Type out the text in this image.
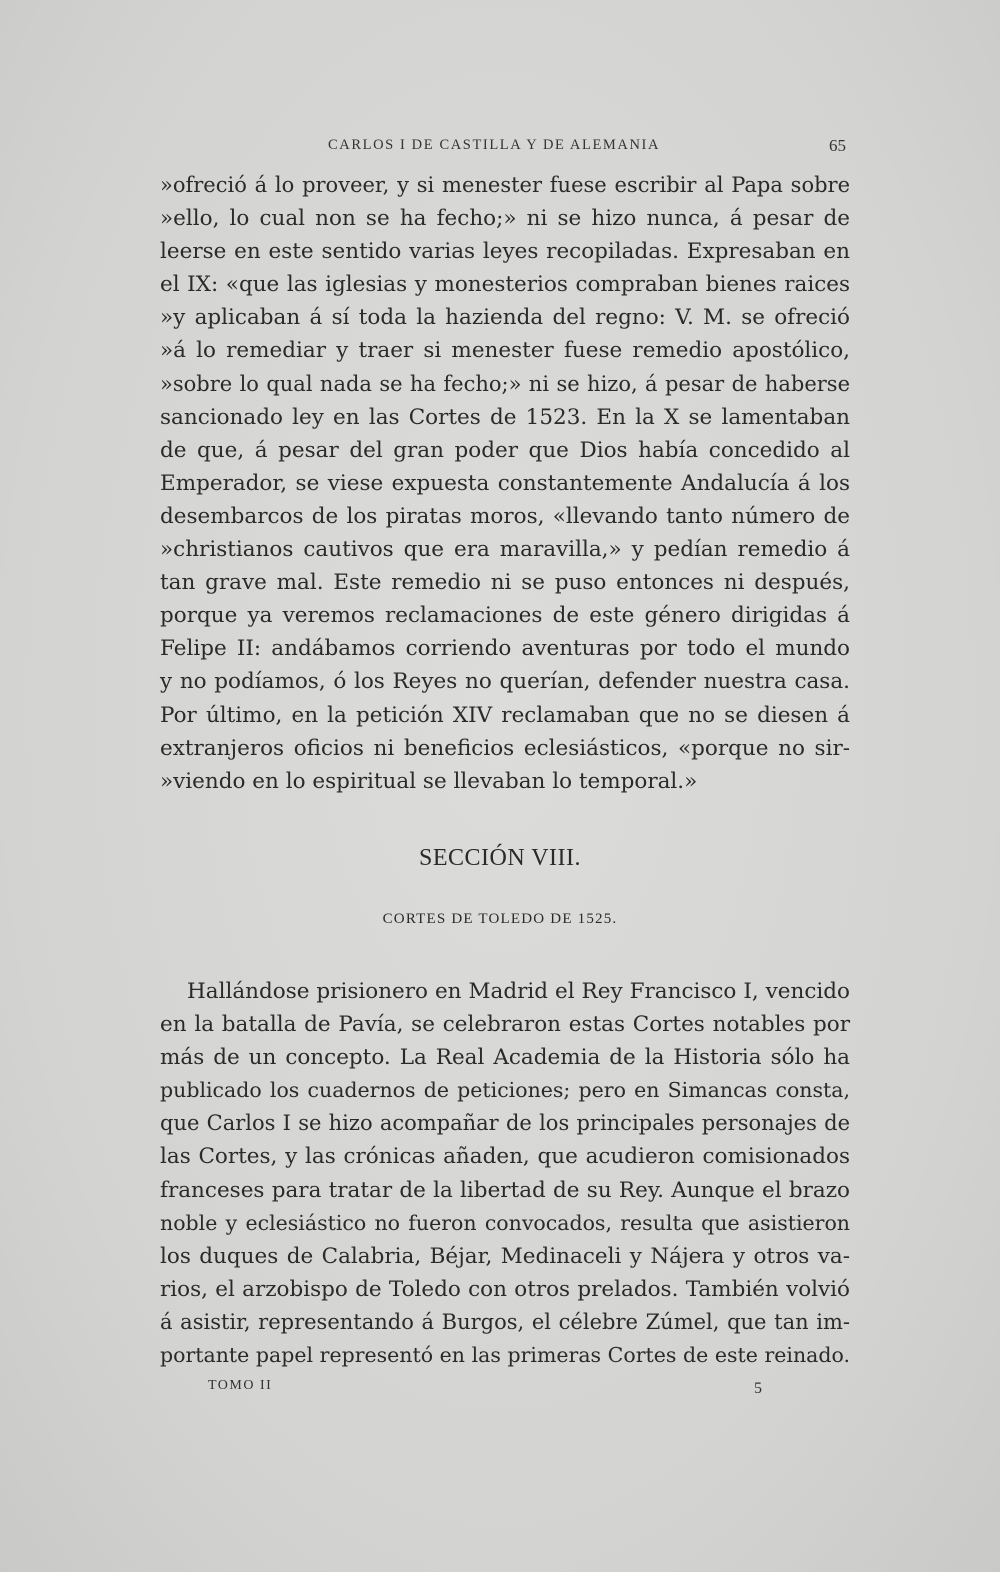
CARLOS I DE CASTILLA Y DE ALEMANIA	65
»ofreció á lo proveer, y si menester fuese escribir al Papa sobre
»ello, lo cual non se ha fecho;» ni se hizo nunca, á pesar de
leerse en este sentido varias leyes recopiladas. Expresaban en
el IX: «que las iglesias y monesterios compraban bienes raices
»y aplicaban á sí toda la hazienda del regno: V. M. se ofreció
»á lo remediar y traer si menester fuese remedio apostólico,
»sobre lo qual nada se ha fecho;» ni se hizo, á pesar de haberse
sancionado ley en las Cortes de 1523. En la X se lamentaban
de que, á pesar del gran poder que Dios había concedido al
Emperador, se viese expuesta constantemente Andalucía á los
desembarcos de los piratas moros, «llevando tanto número de
»christianos cautivos que era maravilla,» y pedían remedio á
tan grave mal. Este remedio ni se puso entonces ni después,
porque ya veremos reclamaciones de este género dirigidas á
Felipe II: andábamos corriendo aventuras por todo el mundo
y no podíamos, ó los Reyes no querían, defender nuestra casa.
Por último, en la petición XIV reclamaban que no se diesen á
extranjeros oficios ni beneficios eclesiásticos, «porque no sir-
»viendo en lo espiritual se llevaban lo temporal.»
SECCIÓN VIII.
CORTES DE TOLEDO DE 1525.
Hallándose prisionero en Madrid el Rey Francisco I, vencido
en la batalla de Pavía, se celebraron estas Cortes notables por
más de un concepto. La Real Academia de la Historia sólo ha
publicado los cuadernos de peticiones; pero en Simancas consta,
que Carlos I se hizo acompañar de los principales personajes de
las Cortes, y las crónicas añaden, que acudieron comisionados
franceses para tratar de la libertad de su Rey. Aunque el brazo
noble y eclesiástico no fueron convocados, resulta que asistieron
los duques de Calabria, Béjar, Medinaceli y Nájera y otros va-
rios, el arzobispo de Toledo con otros prelados. También volvió
á asistir, representando á Burgos, el célebre Zúmel, que tan im-
portante papel representó en las primeras Cortes de este reinado.
TOMO II	5
